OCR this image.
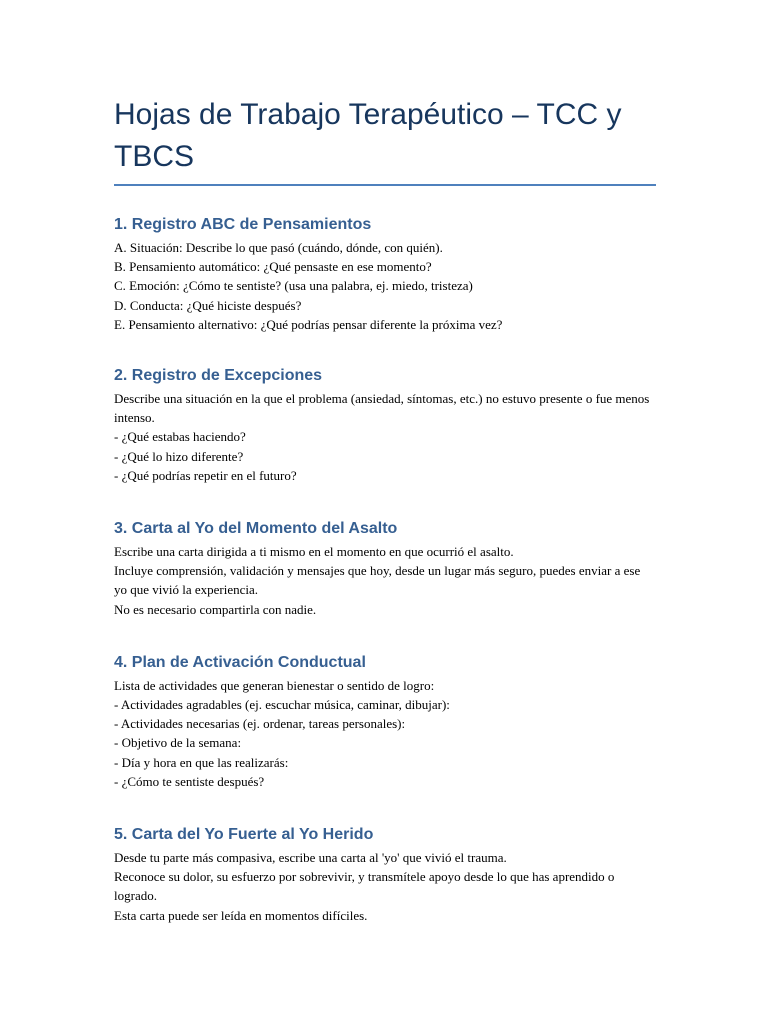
Hojas de Trabajo Terapéutico – TCC y TBCS
1. Registro ABC de Pensamientos
A. Situación: Describe lo que pasó (cuándo, dónde, con quién).
B. Pensamiento automático: ¿Qué pensaste en ese momento?
C. Emoción: ¿Cómo te sentiste? (usa una palabra, ej. miedo, tristeza)
D. Conducta: ¿Qué hiciste después?
E. Pensamiento alternativo: ¿Qué podrías pensar diferente la próxima vez?
2. Registro de Excepciones
Describe una situación en la que el problema (ansiedad, síntomas, etc.) no estuvo presente o fue menos intenso.
- ¿Qué estabas haciendo?
- ¿Qué lo hizo diferente?
- ¿Qué podrías repetir en el futuro?
3. Carta al Yo del Momento del Asalto
Escribe una carta dirigida a ti mismo en el momento en que ocurrió el asalto.
Incluye comprensión, validación y mensajes que hoy, desde un lugar más seguro, puedes enviar a ese yo que vivió la experiencia.
No es necesario compartirla con nadie.
4. Plan de Activación Conductual
Lista de actividades que generan bienestar o sentido de logro:
- Actividades agradables (ej. escuchar música, caminar, dibujar):
- Actividades necesarias (ej. ordenar, tareas personales):
- Objetivo de la semana:
- Día y hora en que las realizarás:
- ¿Cómo te sentiste después?
5. Carta del Yo Fuerte al Yo Herido
Desde tu parte más compasiva, escribe una carta al 'yo' que vivió el trauma.
Reconoce su dolor, su esfuerzo por sobrevivir, y transmítele apoyo desde lo que has aprendido o logrado.
Esta carta puede ser leída en momentos difíciles.
